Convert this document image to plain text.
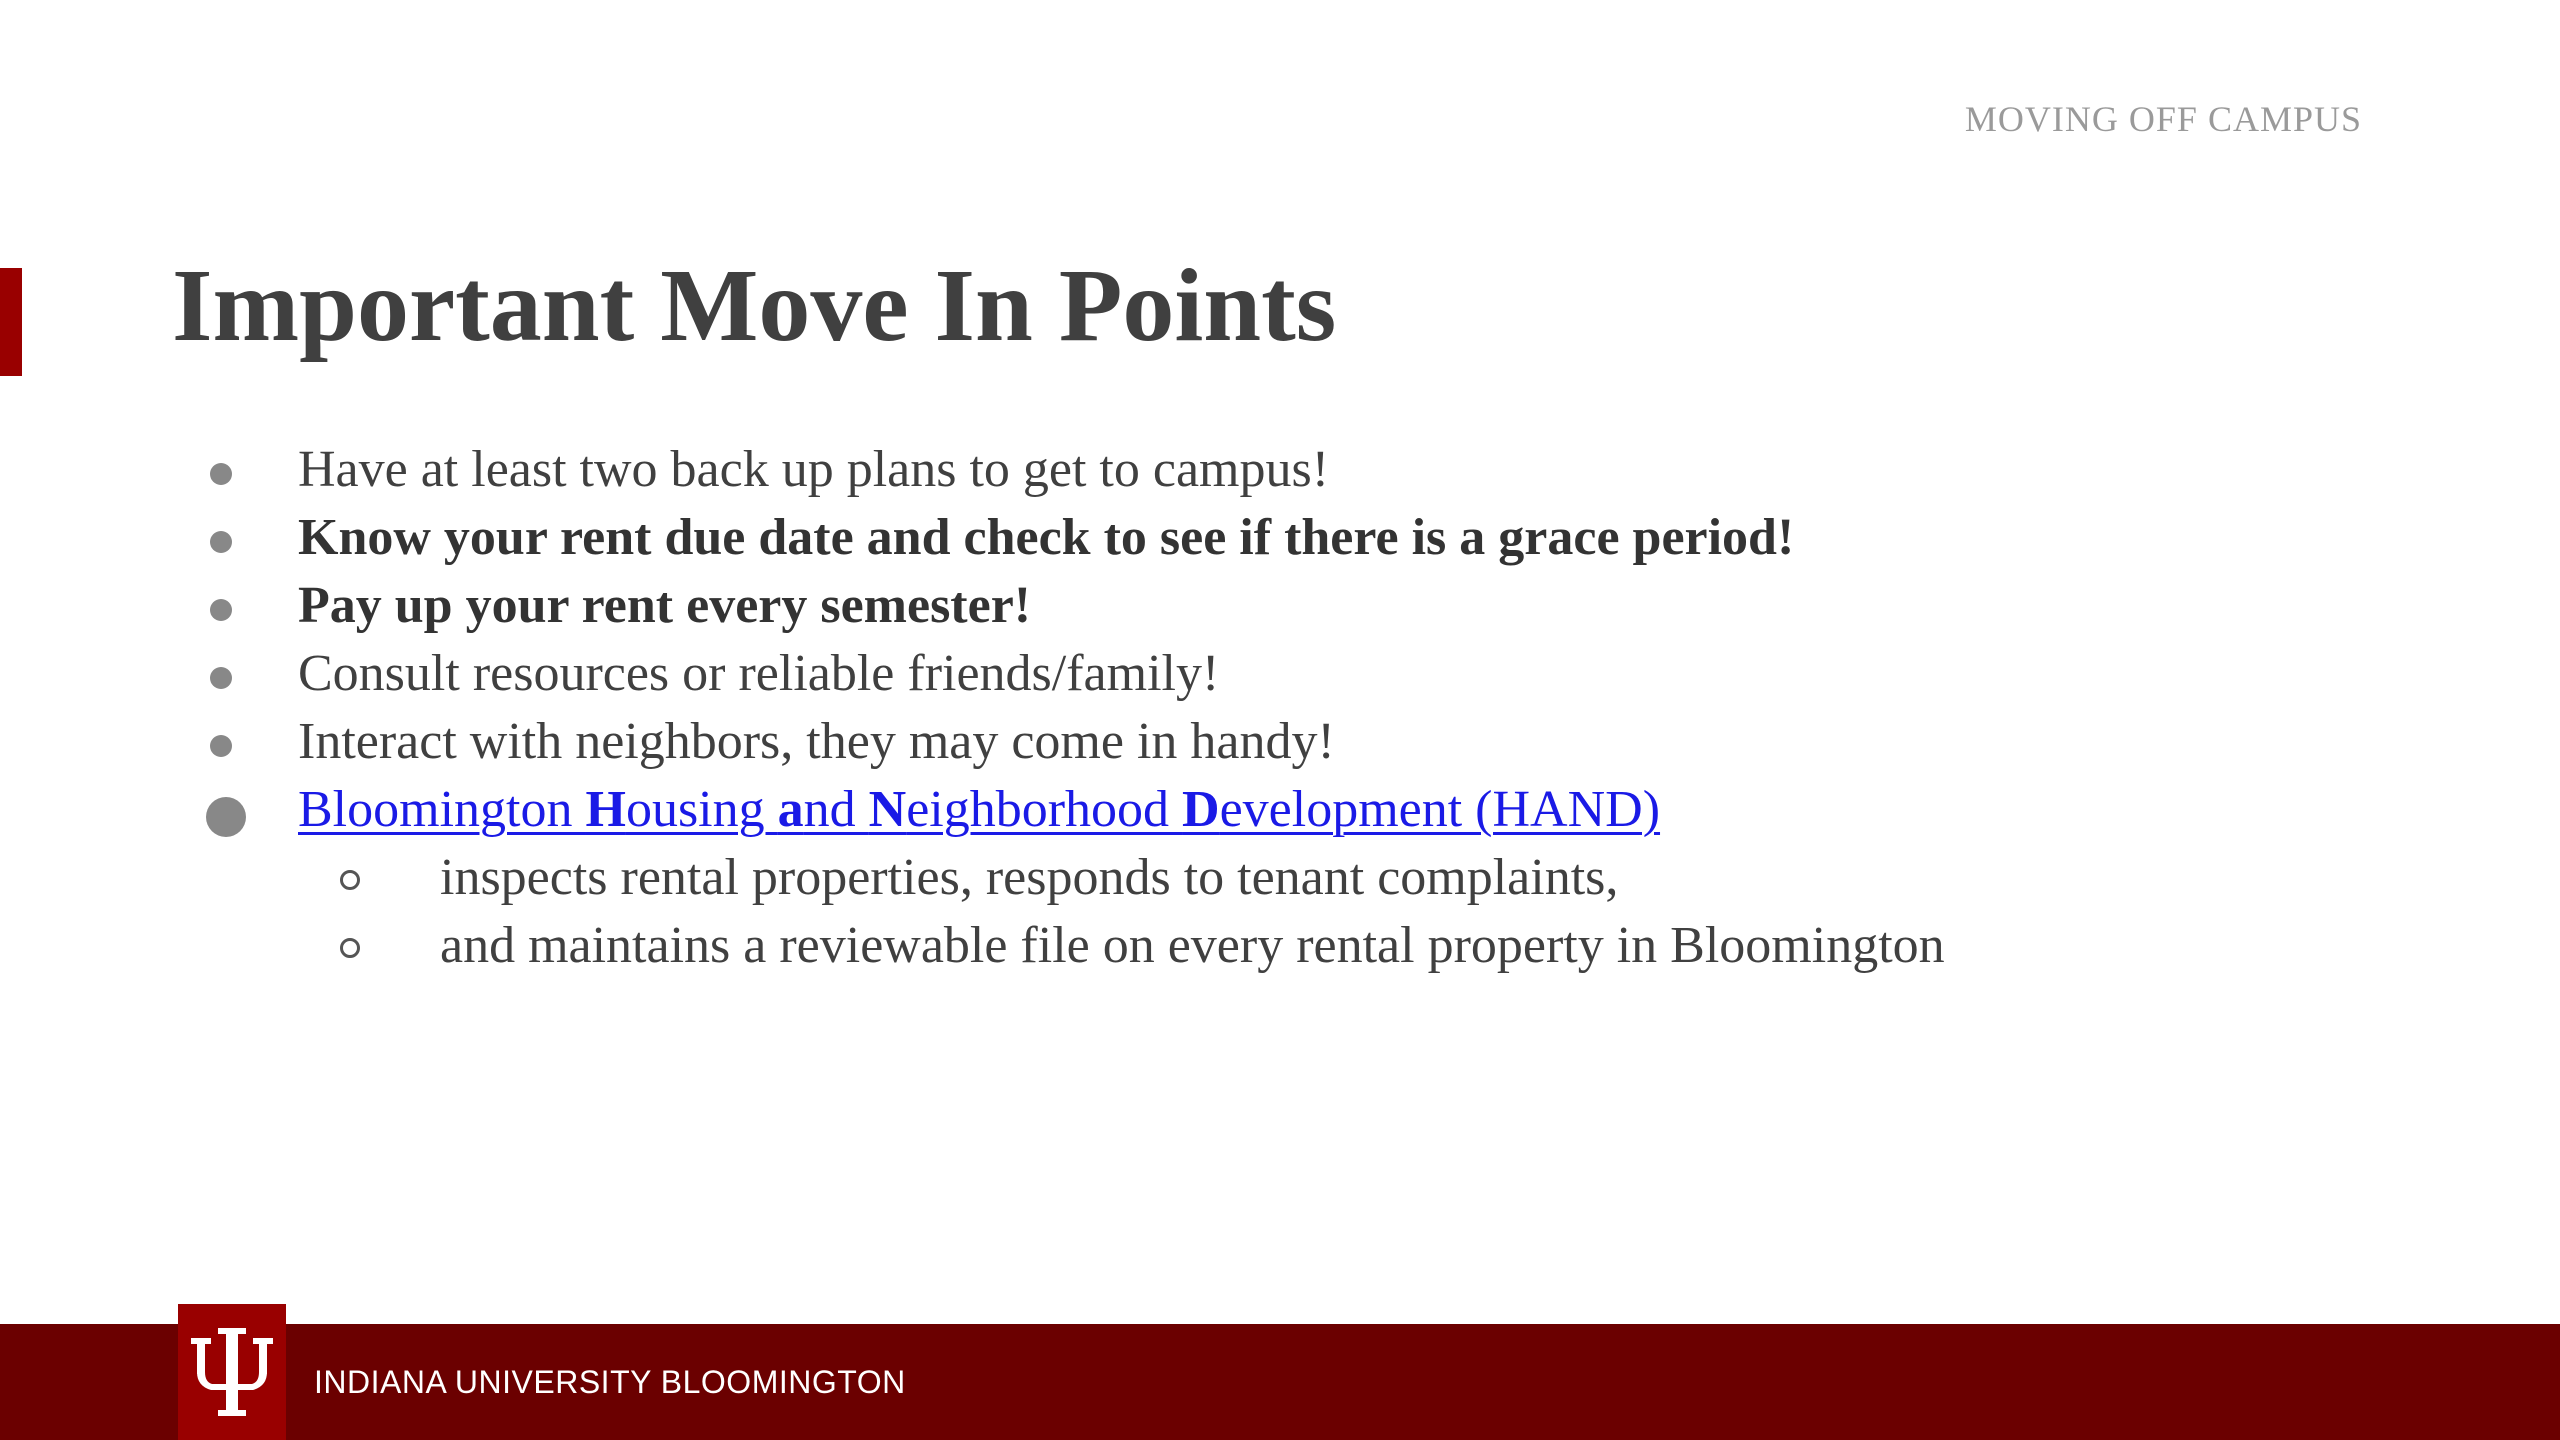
MOVING OFF CAMPUS
Important Move In Points
Have at least two back up plans to get to campus!
Know your rent due date and check to see if there is a grace period!
Pay up your rent every semester!
Consult resources or reliable friends/family!
Interact with neighbors, they may come in handy!
Bloomington Housing and Neighborhood Development (HAND)
inspects rental properties, responds to tenant complaints,
and maintains a reviewable file on every rental property in Bloomington
INDIANA UNIVERSITY BLOOMINGTON
